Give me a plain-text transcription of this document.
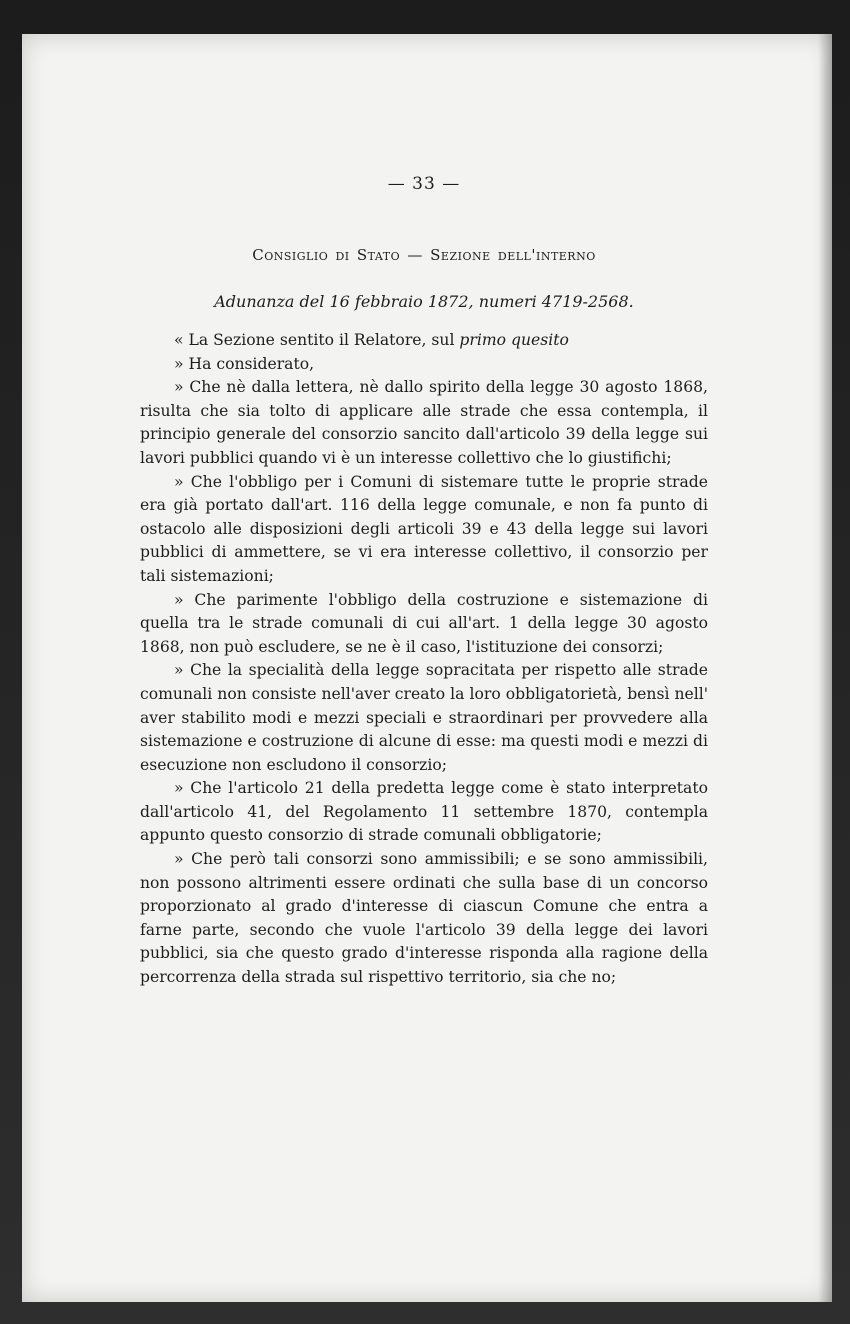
— 33 —

Consiglio di Stato — Sezione dell'interno

Adunanza del 16 febbraio 1872, numeri 4719-2568.

« La Sezione sentito il Relatore, sul primo quesito

» Ha considerato,

» Che nè dalla lettera, nè dallo spirito della legge 30 agosto 1868, risulta che sia tolto di applicare alle strade che essa contempla, il principio generale del consorzio sancito dall'articolo 39 della legge sui lavori pubblici quando vi è un interesse collettivo che lo giustifichi;

» Che l'obbligo per i Comuni di sistemare tutte le proprie strade era già portato dall'art. 116 della legge comunale, e non fa punto di ostacolo alle disposizioni degli articoli 39 e 43 della legge sui lavori pubblici di ammettere, se vi era interesse collettivo, il consorzio per tali sistemazioni;

» Che parimente l'obbligo della costruzione e sistemazione di quella tra le strade comunali di cui all'art. 1 della legge 30 agosto 1868, non può escludere, se ne è il caso, l'istituzione dei consorzi;

» Che la specialità della legge sopracitata per rispetto alle strade comunali non consiste nell'aver creato la loro obbligatorietà, bensì nell' aver stabilito modi e mezzi speciali e straordinari per provvedere alla sistemazione e costruzione di alcune di esse: ma questi modi e mezzi di esecuzione non escludono il consorzio;

» Che l'articolo 21 della predetta legge come è stato interpretato dall'articolo 41, del Regolamento 11 settembre 1870, contempla appunto questo consorzio di strade comunali obbligatorie;

» Che però tali consorzi sono ammissibili; e se sono ammissibili, non possono altrimenti essere ordinati che sulla base di un concorso proporzionato al grado d'interesse di ciascun Comune che entra a farne parte, secondo che vuole l'articolo 39 della legge dei lavori pubblici, sia che questo grado d'interesse risponda alla ragione della percorrenza della strada sul rispettivo territorio, sia che no;
